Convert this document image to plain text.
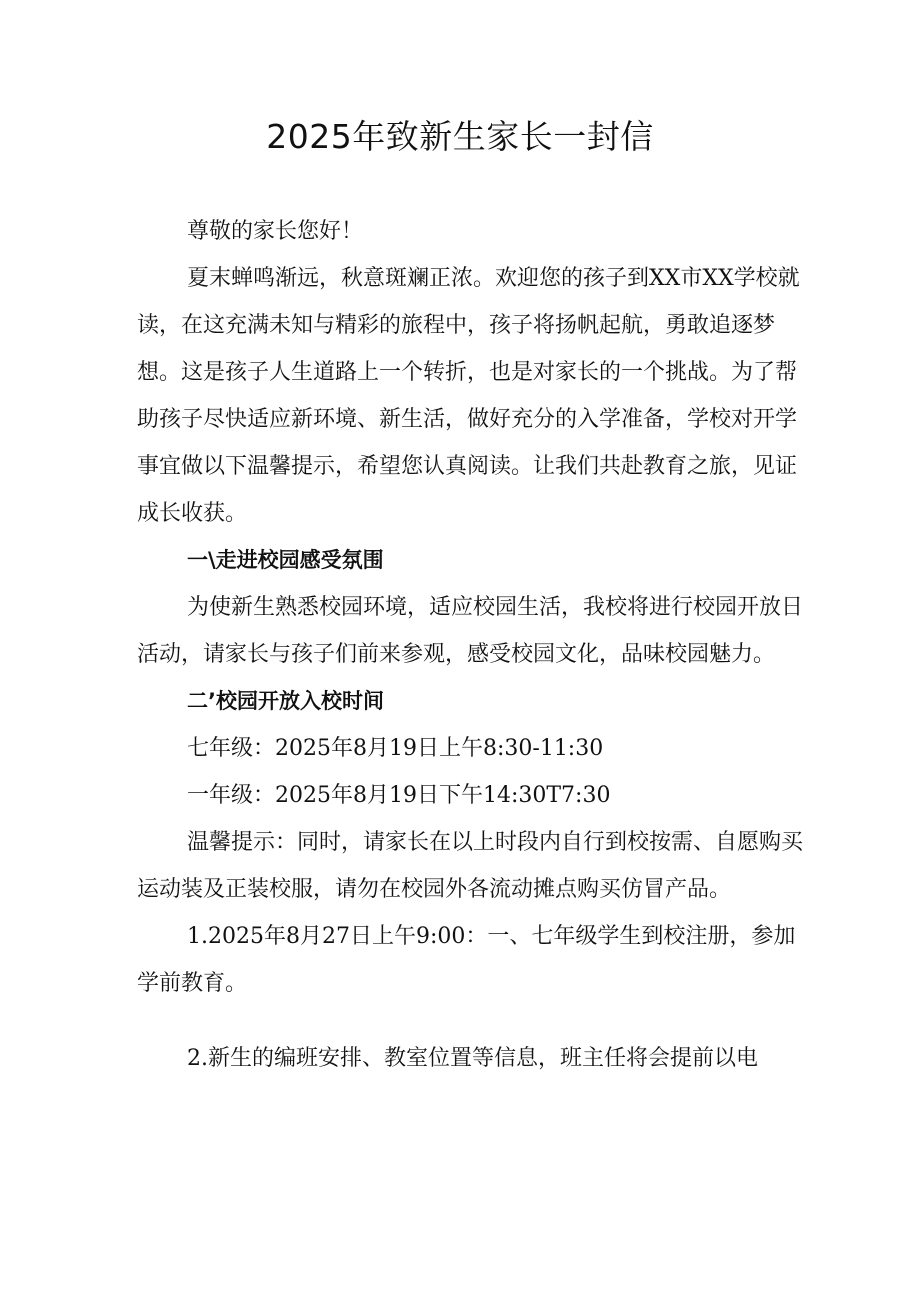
2025年致新生家长一封信

尊敬的家长您好！

夏末蝉鸣渐远，秋意斑斓正浓。欢迎您的孩子到XX市XX学校就读，在这充满未知与精彩的旅程中，孩子将扬帆起航，勇敢追逐梦想。这是孩子人生道路上一个转折，也是对家长的一个挑战。为了帮助孩子尽快适应新环境、新生活，做好充分的入学准备，学校对开学事宜做以下温馨提示，希望您认真阅读。让我们共赴教育之旅，见证成长收获。

一\走进校园感受氛围

为使新生熟悉校园环境，适应校园生活，我校将进行校园开放日活动，请家长与孩子们前来参观，感受校园文化，品味校园魅力。

二’校园开放入校时间

七年级：2025年8月19日上午8:30-11:30

一年级：2025年8月19日下午14:30T7:30

温馨提示：同时，请家长在以上时段内自行到校按需、自愿购买运动装及正装校服，请勿在校园外各流动摊点购买仿冒产品。

1.2025年8月27日上午9:00：一、七年级学生到校注册，参加学前教育。

2.新生的编班安排、教室位置等信息，班主任将会提前以电
